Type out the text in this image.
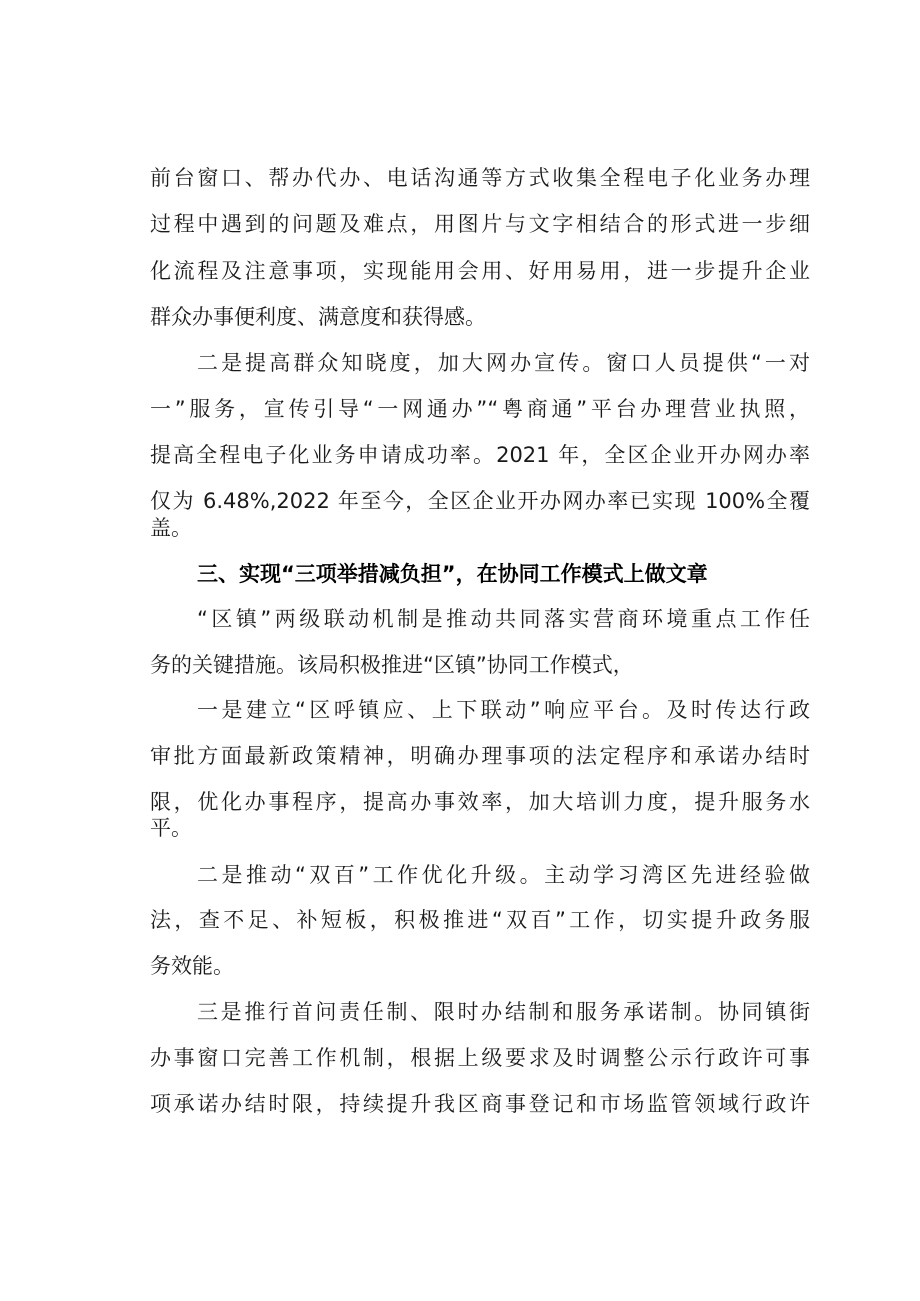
前台窗口、帮办代办、电话沟通等方式收集全程电子化业务办理
过程中遇到的问题及难点，用图片与文字相结合的形式进一步细
化流程及注意事项，实现能用会用、好用易用，进一步提升企业
群众办事便利度、满意度和获得感。
二是提高群众知晓度，加大网办宣传。窗口人员提供“一对
一”服务，宣传引导“一网通办”“粤商通”平台办理营业执照，
提高全程电子化业务申请成功率。2021 年，全区企业开办网办率
仅为 6.48%,2022 年至今，全区企业开办网办率已实现 100%全覆
盖。
三、实现“三项举措减负担”，在协同工作模式上做文章
“区镇”两级联动机制是推动共同落实营商环境重点工作任
务的关键措施。该局积极推进“区镇”协同工作模式，
一是建立“区呼镇应、上下联动”响应平台。及时传达行政
审批方面最新政策精神，明确办理事项的法定程序和承诺办结时
限，优化办事程序，提高办事效率，加大培训力度，提升服务水
平。
二是推动“双百”工作优化升级。主动学习湾区先进经验做
法，查不足、补短板，积极推进“双百”工作，切实提升政务服
务效能。
三是推行首问责任制、限时办结制和服务承诺制。协同镇街
办事窗口完善工作机制，根据上级要求及时调整公示行政许可事
项承诺办结时限，持续提升我区商事登记和市场监管领域行政许
